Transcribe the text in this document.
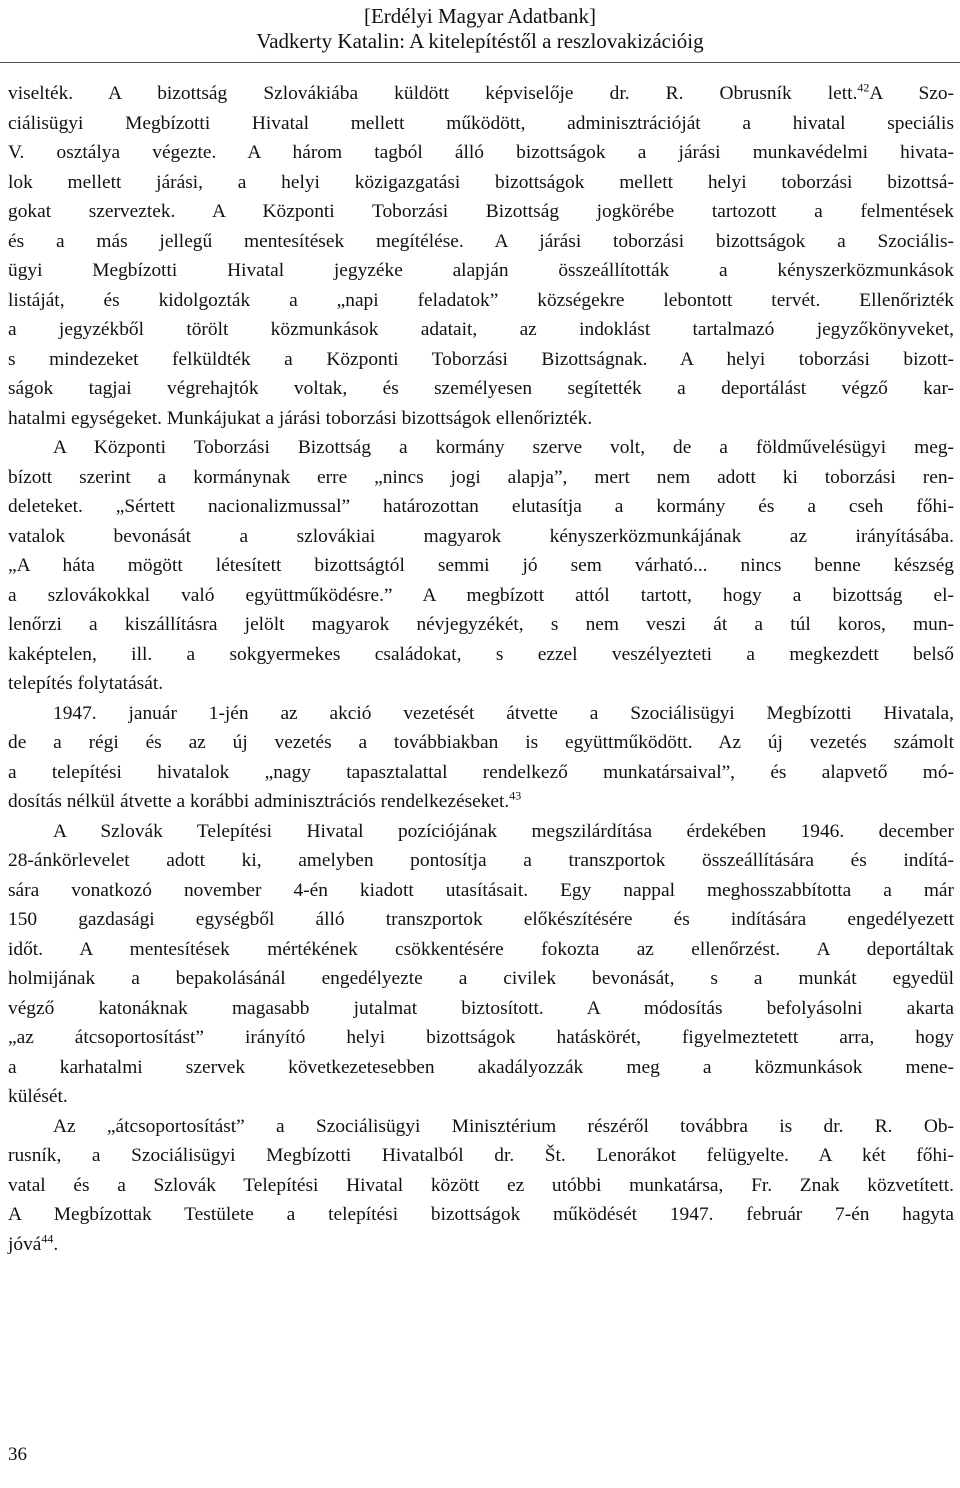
[Erdélyi Magyar Adatbank]
Vadkerty Katalin: A kitelepítéstől a reszlovakizációig
viselték. A bizottság Szlovákiába küldött képviselője dr. R. Obrusník lett.$^{42}$A Szo-
ciálisügyi Megbízotti Hivatal mellett működött, adminisztrációját a hivatal speciális
V. osztálya végezte. A három tagból álló bizottságok a járási munkavédelmi hivata-
lok mellett járási, a helyi közigazgatási bizottságok mellett helyi toborzási bizottsá-
gokat szerveztek. A Központi Toborzási Bizottság jogkörébe tartozott a felmentések
és a más jellegű mentesítések megítélése. A járási toborzási bizottságok a Szociális-
ügyi Megbízotti Hivatal jegyzéke alapján összeállították a kényszerközmunkások
listáját, és kidolgozták a „napi feladatok” községekre lebontott tervét. Ellenőrizték
a jegyzékből törölt közmunkások adatait, az indoklást tartalmazó jegyzőkönyveket,
s mindezeket felküldték a Központi Toborzási Bizottságnak. A helyi toborzási bizott-
ságok tagjai végrehajtók voltak, és személyesen segítették a deportálást végző kar-
hatalmi egységeket. Munkájukat a járási toborzási bizottságok ellenőrizték.
A Központi Toborzási Bizottság a kormány szerve volt, de a földművelésügyi meg-
bízott szerint a kormánynak erre „nincs jogi alapja”, mert nem adott ki toborzási ren-
deleteket. „Sértett nacionalizmussal” határozottan elutasítja a kormány és a cseh főhi-
vatalok bevonását a szlovákiai magyarok kényszerközmunkájának az irányításába.
„A háta mögött létesített bizottságtól semmi jó sem várható... nincs benne készség
a szlovákokkal való együttműködésre.” A megbízott attól tartott, hogy a bizottság el-
lenőrzi a kiszállításra jelölt magyarok névjegyzékét, s nem veszi át a túl koros, mun-
kaképtelen, ill. a sokgyermekes családokat, s ezzel veszélyezteti a megkezdett belső
telepítés folytatását.
1947. január 1-jén az akció vezetését átvette a Szociálisügyi Megbízotti Hivatala,
de a régi és az új vezetés a továbbiakban is együttműködött. Az új vezetés számolt
a telepítési hivatalok „nagy tapasztalattal rendelkező munkatársaival”, és alapvető mó-
dosítás nélkül átvette a korábbi adminisztrációs rendelkezéseket.$^{43}$
A Szlovák Telepítési Hivatal pozíciójának megszilárdítása érdekében 1946. december
28-ánkörlevelet adott ki, amelyben pontosítja a transzportok összeállítására és indítá-
sára vonatkozó november 4-én kiadott utasításait. Egy nappal meghosszabbította a már
150 gazdasági egységből álló transzportok előkészítésére és indítására engedélyezett
időt. A mentesítések mértékének csökkentésére fokozta az ellenőrzést. A deportáltak
holmijának a bepakolásánál engedélyezte a civilek bevonását, s a munkát egyedül
végző katonáknak magasabb jutalmat biztosított. A módosítás befolyásolni akarta
„az átcsoportosítást” irányító helyi bizottságok hatáskörét, figyelmeztetett arra, hogy
a karhatalmi szervek következetesebben akadályozzák meg a közmunkások mene-
külését.
Az „átcsoportosítást” a Szociálisügyi Minisztérium részéről továbbra is dr. R. Ob-
rusník, a Szociálisügyi Megbízotti Hivatalból dr. Št. Lenorákot felügyelte. A két főhi-
vatal és a Szlovák Telepítési Hivatal között ez utóbbi munkatársa, Fr. Znak közvetített.
A Megbízottak Testülete a telepítési bizottságok működését 1947. február 7-én hagyta
jóvá$^{44}$.
36
